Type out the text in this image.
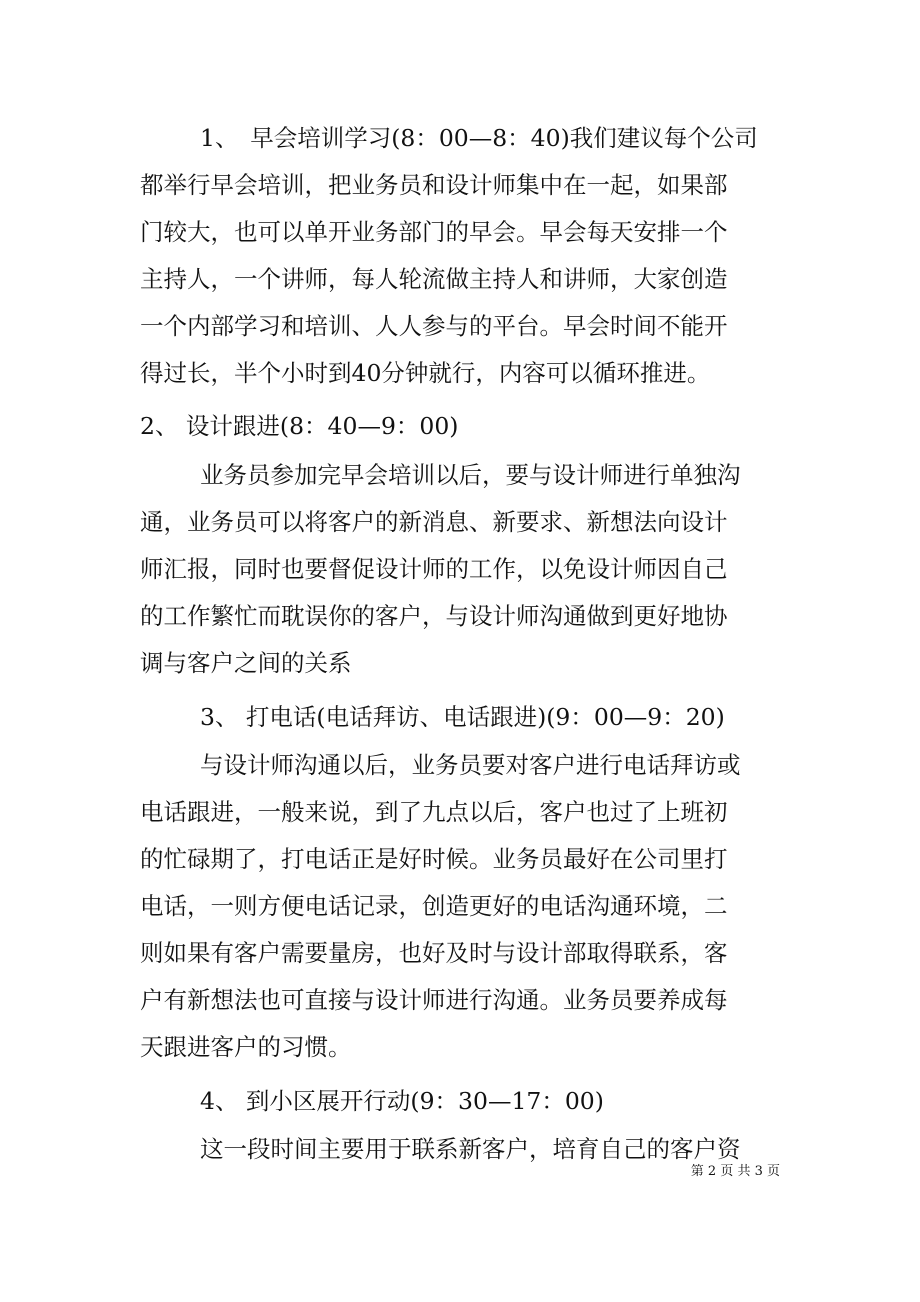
1、　早会培训学习(8：00—8：40)我们建议每个公司
都举行早会培训，把业务员和设计师集中在一起，如果部
门较大，也可以单开业务部门的早会。早会每天安排一个
主持人，一个讲师，每人轮流做主持人和讲师，大家创造
一个内部学习和培训、人人参与的平台。早会时间不能开
得过长，半个小时到40分钟就行，内容可以循环推进。
2、 设计跟进(8：40—9：00)
业务员参加完早会培训以后，要与设计师进行单独沟
通，业务员可以将客户的新消息、新要求、新想法向设计
师汇报，同时也要督促设计师的工作，以免设计师因自己
的工作繁忙而耽误你的客户，与设计师沟通做到更好地协
调与客户之间的关系
3、 打电话(电话拜访、电话跟进)(9：00—9：20)
与设计师沟通以后，业务员要对客户进行电话拜访或
电话跟进，一般来说，到了九点以后，客户也过了上班初
的忙碌期了，打电话正是好时候。业务员最好在公司里打
电话，一则方便电话记录，创造更好的电话沟通环境，二
则如果有客户需要量房，也好及时与设计部取得联系，客
户有新想法也可直接与设计师进行沟通。业务员要养成每
天跟进客户的习惯。
4、 到小区展开行动(9：30—17：00)
这一段时间主要用于联系新客户，培育自己的客户资
第 2 页 共 3 页
